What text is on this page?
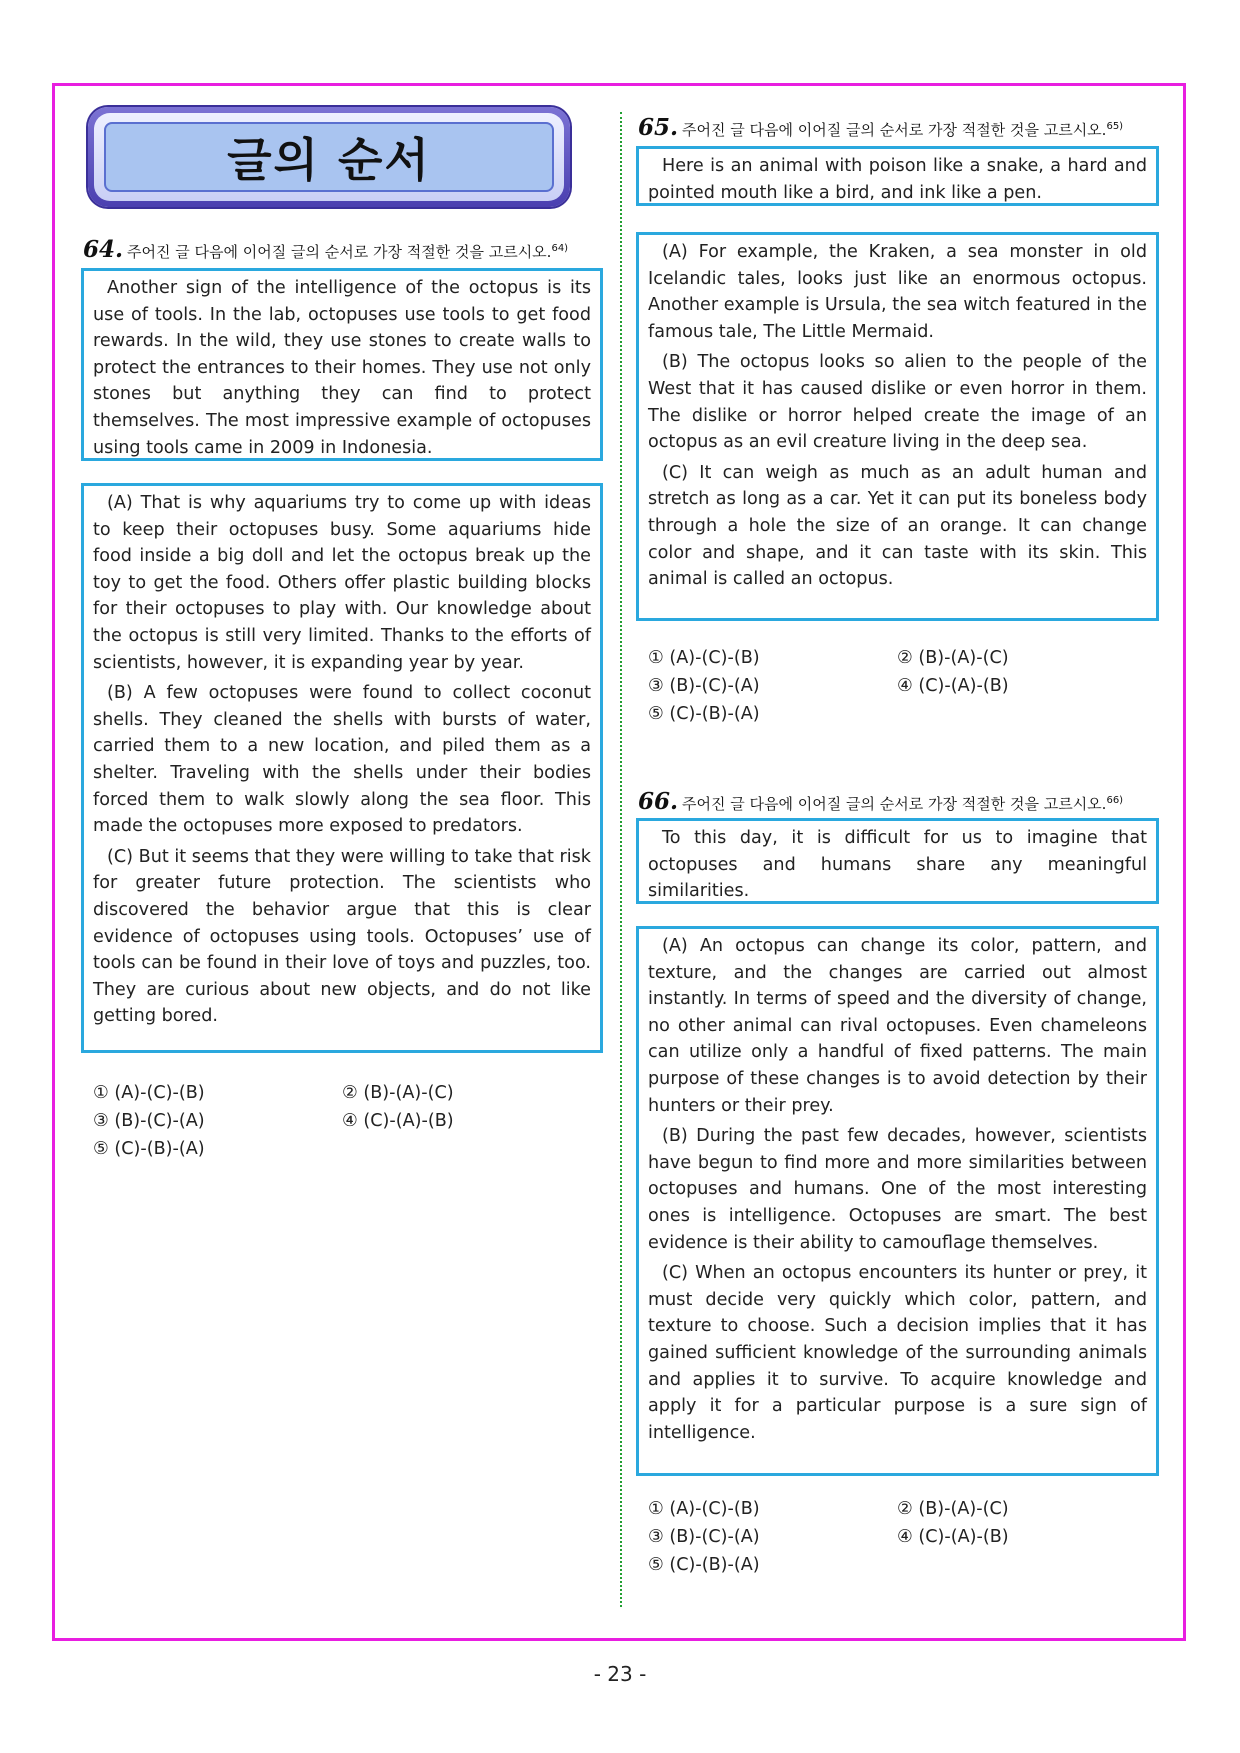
글의 순서
64. 주어진 글 다음에 이어질 글의 순서로 가장 적절한 것을 고르시오.$^{64)}$

Another sign of the intelligence of the octopus is its use of tools. In the lab, octopuses use tools to get food rewards. In the wild, they use stones to create walls to protect the entrances to their homes. They use not only stones but anything they can find to protect themselves. The most impressive example of octopuses using tools came in 2009 in Indonesia.

(A) That is why aquariums try to come up with ideas to keep their octopuses busy. Some aquariums hide food inside a big doll and let the octopus break up the toy to get the food. Others offer plastic building blocks for their octopuses to play with. Our knowledge about the octopus is still very limited. Thanks to the efforts of scientists, however, it is expanding year by year.

(B) A few octopuses were found to collect coconut shells. They cleaned the shells with bursts of water, carried them to a new location, and piled them as a shelter. Traveling with the shells under their bodies forced them to walk slowly along the sea floor. This made the octopuses more exposed to predators.

(C) But it seems that they were willing to take that risk for greater future protection. The scientists who discovered the behavior argue that this is clear evidence of octopuses using tools. Octopuses’ use of tools can be found in their love of toys and puzzles, too. They are curious about new objects, and do not like getting bored.

① (A)-(C)-(B)	② (B)-(A)-(C)
③ (B)-(C)-(A)	④ (C)-(A)-(B)
⑤ (C)-(B)-(A)
65. 주어진 글 다음에 이어질 글의 순서로 가장 적절한 것을 고르시오.$^{65)}$

Here is an animal with poison like a snake, a hard and pointed mouth like a bird, and ink like a pen.

(A) For example, the Kraken, a sea monster in old Icelandic tales, looks just like an enormous octopus. Another example is Ursula, the sea witch featured in the famous tale, The Little Mermaid.

(B) The octopus looks so alien to the people of the West that it has caused dislike or even horror in them. The dislike or horror helped create the image of an octopus as an evil creature living in the deep sea.

(C) It can weigh as much as an adult human and stretch as long as a car. Yet it can put its boneless body through a hole the size of an orange. It can change color and shape, and it can taste with its skin. This animal is called an octopus.

① (A)-(C)-(B)	② (B)-(A)-(C)
③ (B)-(C)-(A)	④ (C)-(A)-(B)
⑤ (C)-(B)-(A)
66. 주어진 글 다음에 이어질 글의 순서로 가장 적절한 것을 고르시오.$^{66)}$

To this day, it is difficult for us to imagine that octopuses and humans share any meaningful similarities.

(A) An octopus can change its color, pattern, and texture, and the changes are carried out almost instantly. In terms of speed and the diversity of change, no other animal can rival octopuses. Even chameleons can utilize only a handful of fixed patterns. The main purpose of these changes is to avoid detection by their hunters or their prey.

(B) During the past few decades, however, scientists have begun to find more and more similarities between octopuses and humans. One of the most interesting ones is intelligence. Octopuses are smart. The best evidence is their ability to camouflage themselves.

(C) When an octopus encounters its hunter or prey, it must decide very quickly which color, pattern, and texture to choose. Such a decision implies that it has gained sufficient knowledge of the surrounding animals and applies it to survive. To acquire knowledge and apply it for a particular purpose is a sure sign of intelligence.

① (A)-(C)-(B)	② (B)-(A)-(C)
③ (B)-(C)-(A)	④ (C)-(A)-(B)
⑤ (C)-(B)-(A)
- 23 -
